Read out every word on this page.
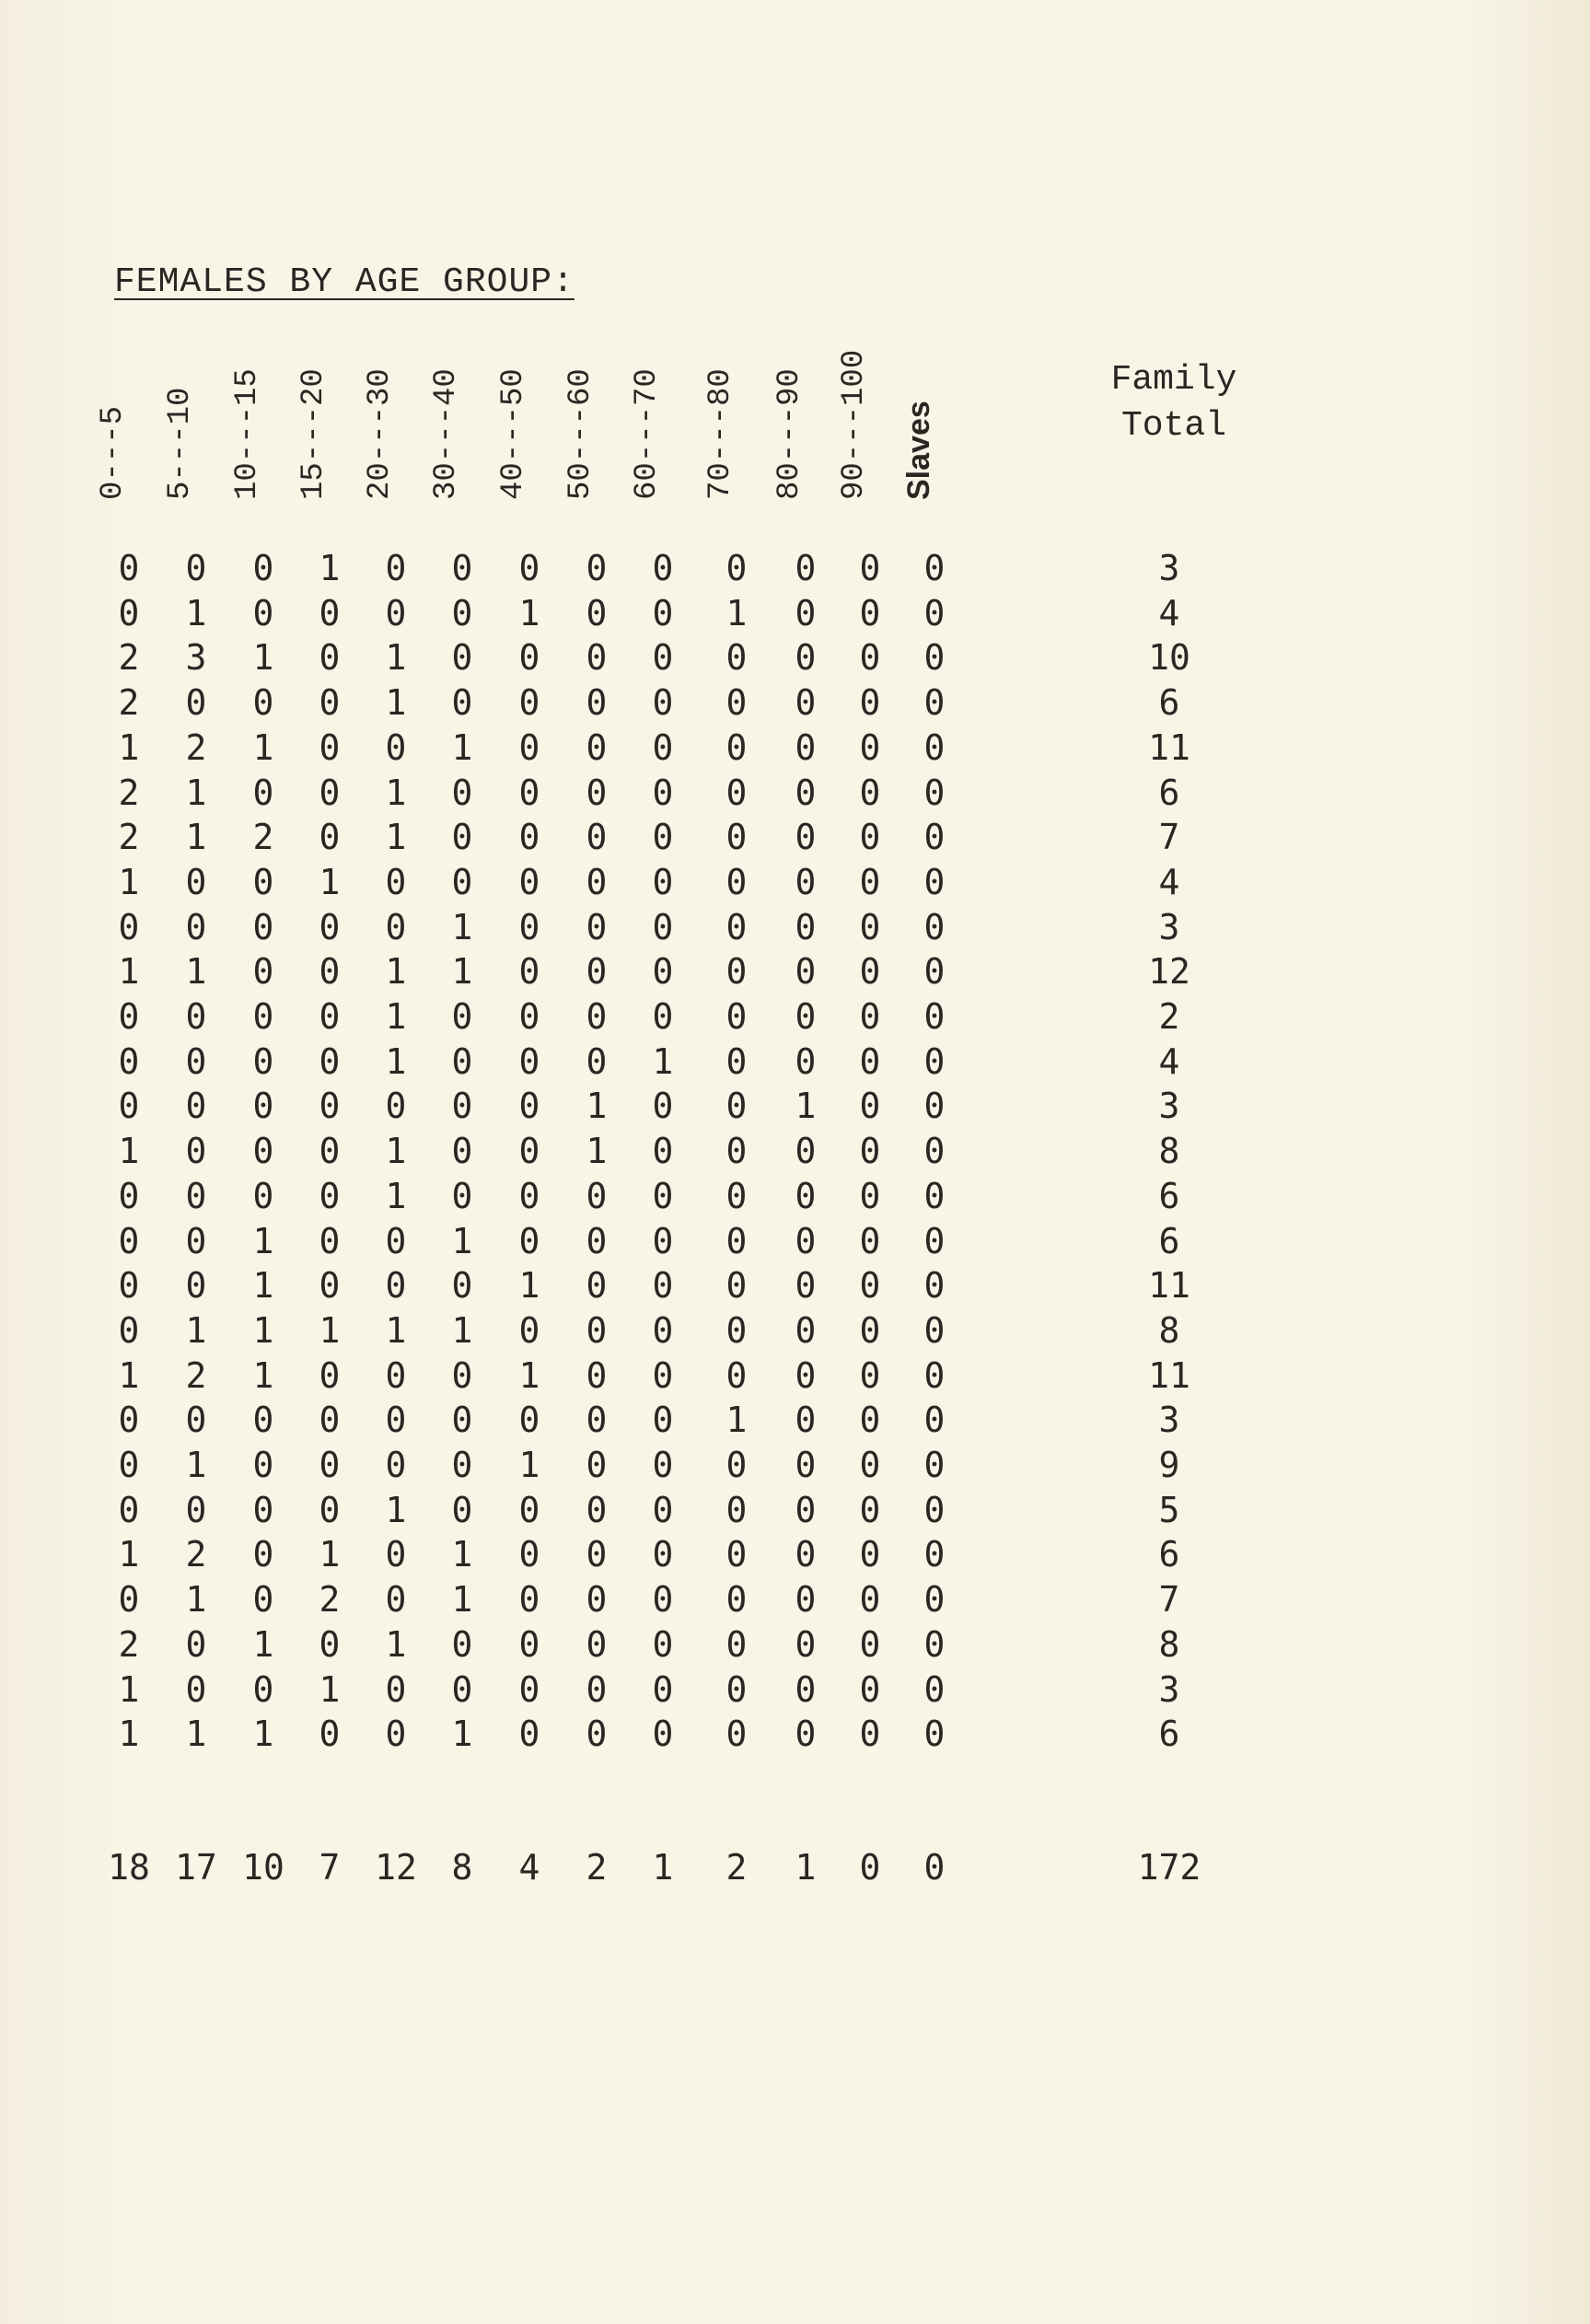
FEMALES BY AGE GROUP:
0---5 5---10 10---15 15---20 20---30 30---40 40---50 50---60 60---70 70---80 80---90 90---100 Slaves
Family
Total
0	0	0	1	0	0	0	0	0	0	0	0	0	3
0	1	0	0	0	0	1	0	0	1	0	0	0	4
2	3	1	0	1	0	0	0	0	0	0	0	0	10
2	0	0	0	1	0	0	0	0	0	0	0	0	6
1	2	1	0	0	1	0	0	0	0	0	0	0	11
2	1	0	0	1	0	0	0	0	0	0	0	0	6
2	1	2	0	1	0	0	0	0	0	0	0	0	7
1	0	0	1	0	0	0	0	0	0	0	0	0	4
0	0	0	0	0	1	0	0	0	0	0	0	0	3
1	1	0	0	1	1	0	0	0	0	0	0	0	12
0	0	0	0	1	0	0	0	0	0	0	0	0	2
0	0	0	0	1	0	0	0	1	0	0	0	0	4
0	0	0	0	0	0	0	1	0	0	1	0	0	3
1	0	0	0	1	0	0	1	0	0	0	0	0	8
0	0	0	0	1	0	0	0	0	0	0	0	0	6
0	0	1	0	0	1	0	0	0	0	0	0	0	6
0	0	1	0	0	0	1	0	0	0	0	0	0	11
0	1	1	1	1	1	0	0	0	0	0	0	0	8
1	2	1	0	0	0	1	0	0	0	0	0	0	11
0	0	0	0	0	0	0	0	0	1	0	0	0	3
0	1	0	0	0	0	1	0	0	0	0	0	0	9
0	0	0	0	1	0	0	0	0	0	0	0	0	5
1	2	0	1	0	1	0	0	0	0	0	0	0	6
0	1	0	2	0	1	0	0	0	0	0	0	0	7
2	0	1	0	1	0	0	0	0	0	0	0	0	8
1	0	0	1	0	0	0	0	0	0	0	0	0	3
1	1	1	0	0	1	0	0	0	0	0	0	0	6
18 17 10 7 12 8	4	2	1	2	1	0	0	172
